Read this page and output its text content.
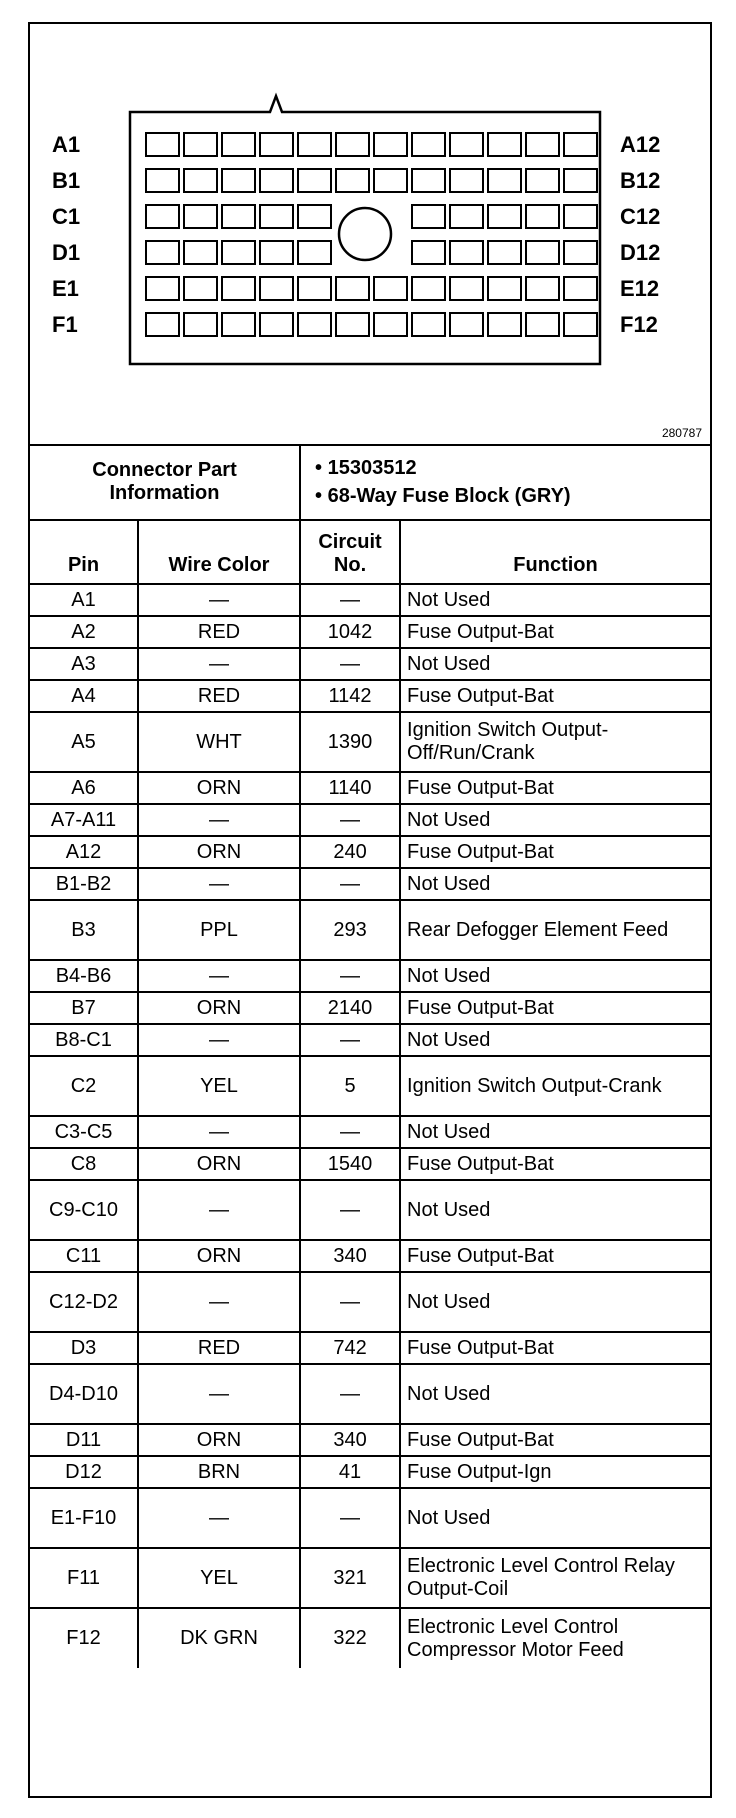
280787
A1
B1
C1
D1
E1
F1
A12
B12
C12
D12
E12
F12
Connector Part Information		• 15303512
• 68-Way Fuse Block (GRY)	

Pin	Wire Color	Circuit No.	Function
A1	—	—	Not Used
A2	RED	1042	Fuse Output-Bat
A3	—	—	Not Used
A4	RED	1142	Fuse Output-Bat
A5	WHT	1390	Ignition Switch Output-Off/Run/Crank
A6	ORN	1140	Fuse Output-Bat
A7-A11	—	—	Not Used
A12	ORN	240	Fuse Output-Bat
B1-B2	—	—	Not Used
B3	PPL	293	Rear Defogger Element Feed
B4-B6	—	—	Not Used
B7	ORN	2140	Fuse Output-Bat
B8-C1	—	—	Not Used
C2	YEL	5	Ignition Switch Output-Crank
C3-C5	—	—	Not Used
C8	ORN	1540	Fuse Output-Bat
C9-C10	—	—	Not Used
C11	ORN	340	Fuse Output-Bat
C12-D2	—	—	Not Used
D3	RED	742	Fuse Output-Bat
D4-D10	—	—	Not Used
D11	ORN	340	Fuse Output-Bat
D12	BRN	41	Fuse Output-Ign
E1-F10	—	—	Not Used
F11	YEL	321	Electronic Level Control Relay Output-Coil
F12	DK GRN	322	Electronic Level Control Compressor Motor Feed
